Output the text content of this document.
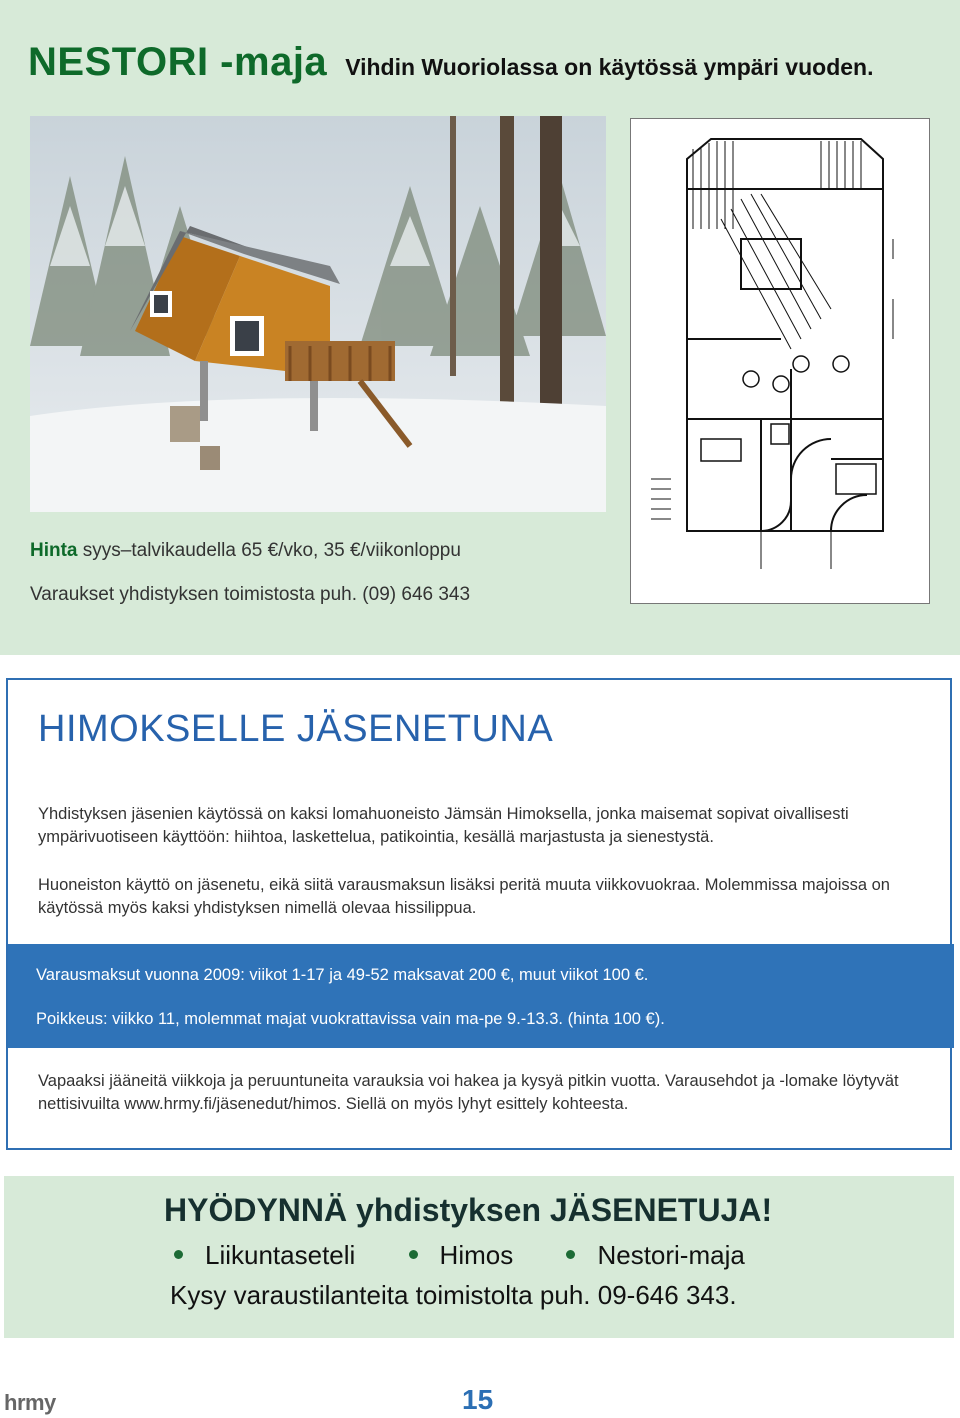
NESTORI -maja Vihdin Wuoriolassa on käytössä ympäri vuoden.
Hinta syys–talvikaudella 65 €/vko, 35 €/viikonloppu
Varaukset yhdistyksen toimistosta puh. (09) 646 343
HIMOKSELLE JÄSENETUNA
Yhdistyksen jäsenien käytössä on kaksi lomahuoneisto Jämsän Himoksella, jonka maisemat sopivat oivallisesti ympärivuotiseen käyttöön: hiihtoa, laskettelua, patikointia, kesällä marjastusta ja sienestystä.
Huoneiston käyttö on jäsenetu, eikä siitä varausmaksun lisäksi peritä muuta viikkovuokraa. Molemmissa majoissa on käytössä myös kaksi yhdistyksen nimellä olevaa hissilippua.
Vapaaksi jääneitä viikkoja ja peruuntuneita varauksia voi hakea ja kysyä pitkin vuotta. Varausehdot ja -lomake löytyvät nettisivuilta www.hrmy.fi/jäsenedut/himos. Siellä on myös lyhyt esittely kohteesta.
Varausmaksut vuonna 2009: viikot 1-17 ja 49-52 maksavat 200 €, muut viikot 100 €.
Poikkeus: viikko 11, molemmat majat vuokrattavissa vain ma-pe 9.-13.3. (hinta 100 €).
HYÖDYNNÄ yhdistyksen JÄSENETUJA!
Liikuntaseteli	Himos	Nestori-maja
Kysy varaustilanteita toimistolta puh. 09-646 343.
hrmy	15
